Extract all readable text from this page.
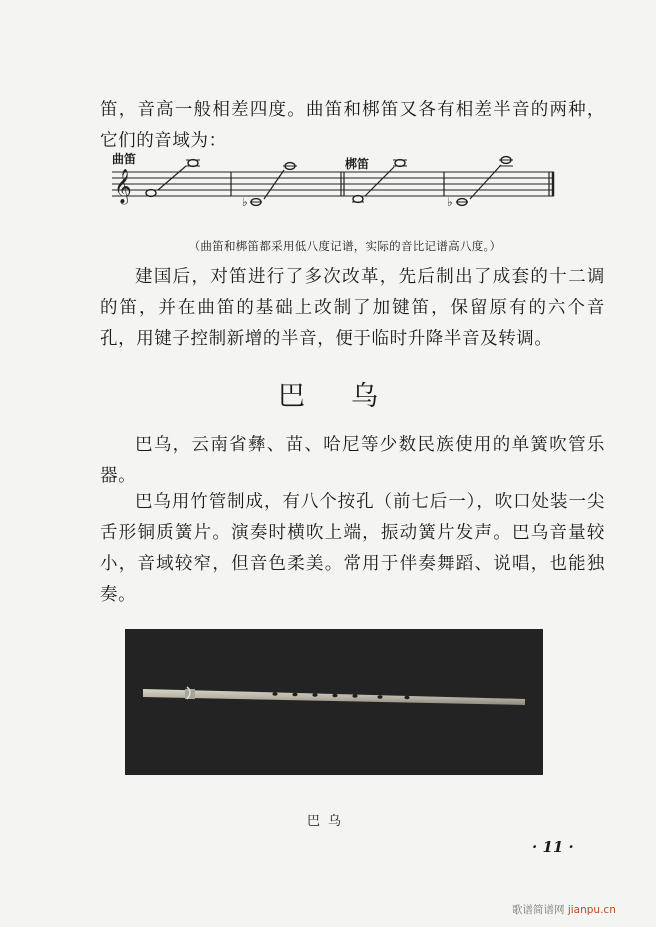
笛，音高一般相差四度。曲笛和梆笛又各有相差半音的两种，它们的音域为：

曲笛	梆笛
𝄞	♭	♭
（曲笛和梆笛都采用低八度记谱，实际的音比记谱高八度。）

建国后，对笛进行了多次改革，先后制出了成套的十二调的笛，并在曲笛的基础上改制了加键笛，保留原有的六个音孔，用键子控制新增的半音，便于临时升降半音及转调。

巴乌

巴乌，云南省彝、苗、哈尼等少数民族使用的单簧吹管乐器。

巴乌用竹管制成，有八个按孔（前七后一），吹口处装一尖舌形铜质簧片。演奏时横吹上端，振动簧片发声。巴乌音量较小，音域较窄，但音色柔美。常用于伴奏舞蹈、说唱，也能独奏。

巴乌
· 11 ·
歌谱简谱网 jianpu.cn
